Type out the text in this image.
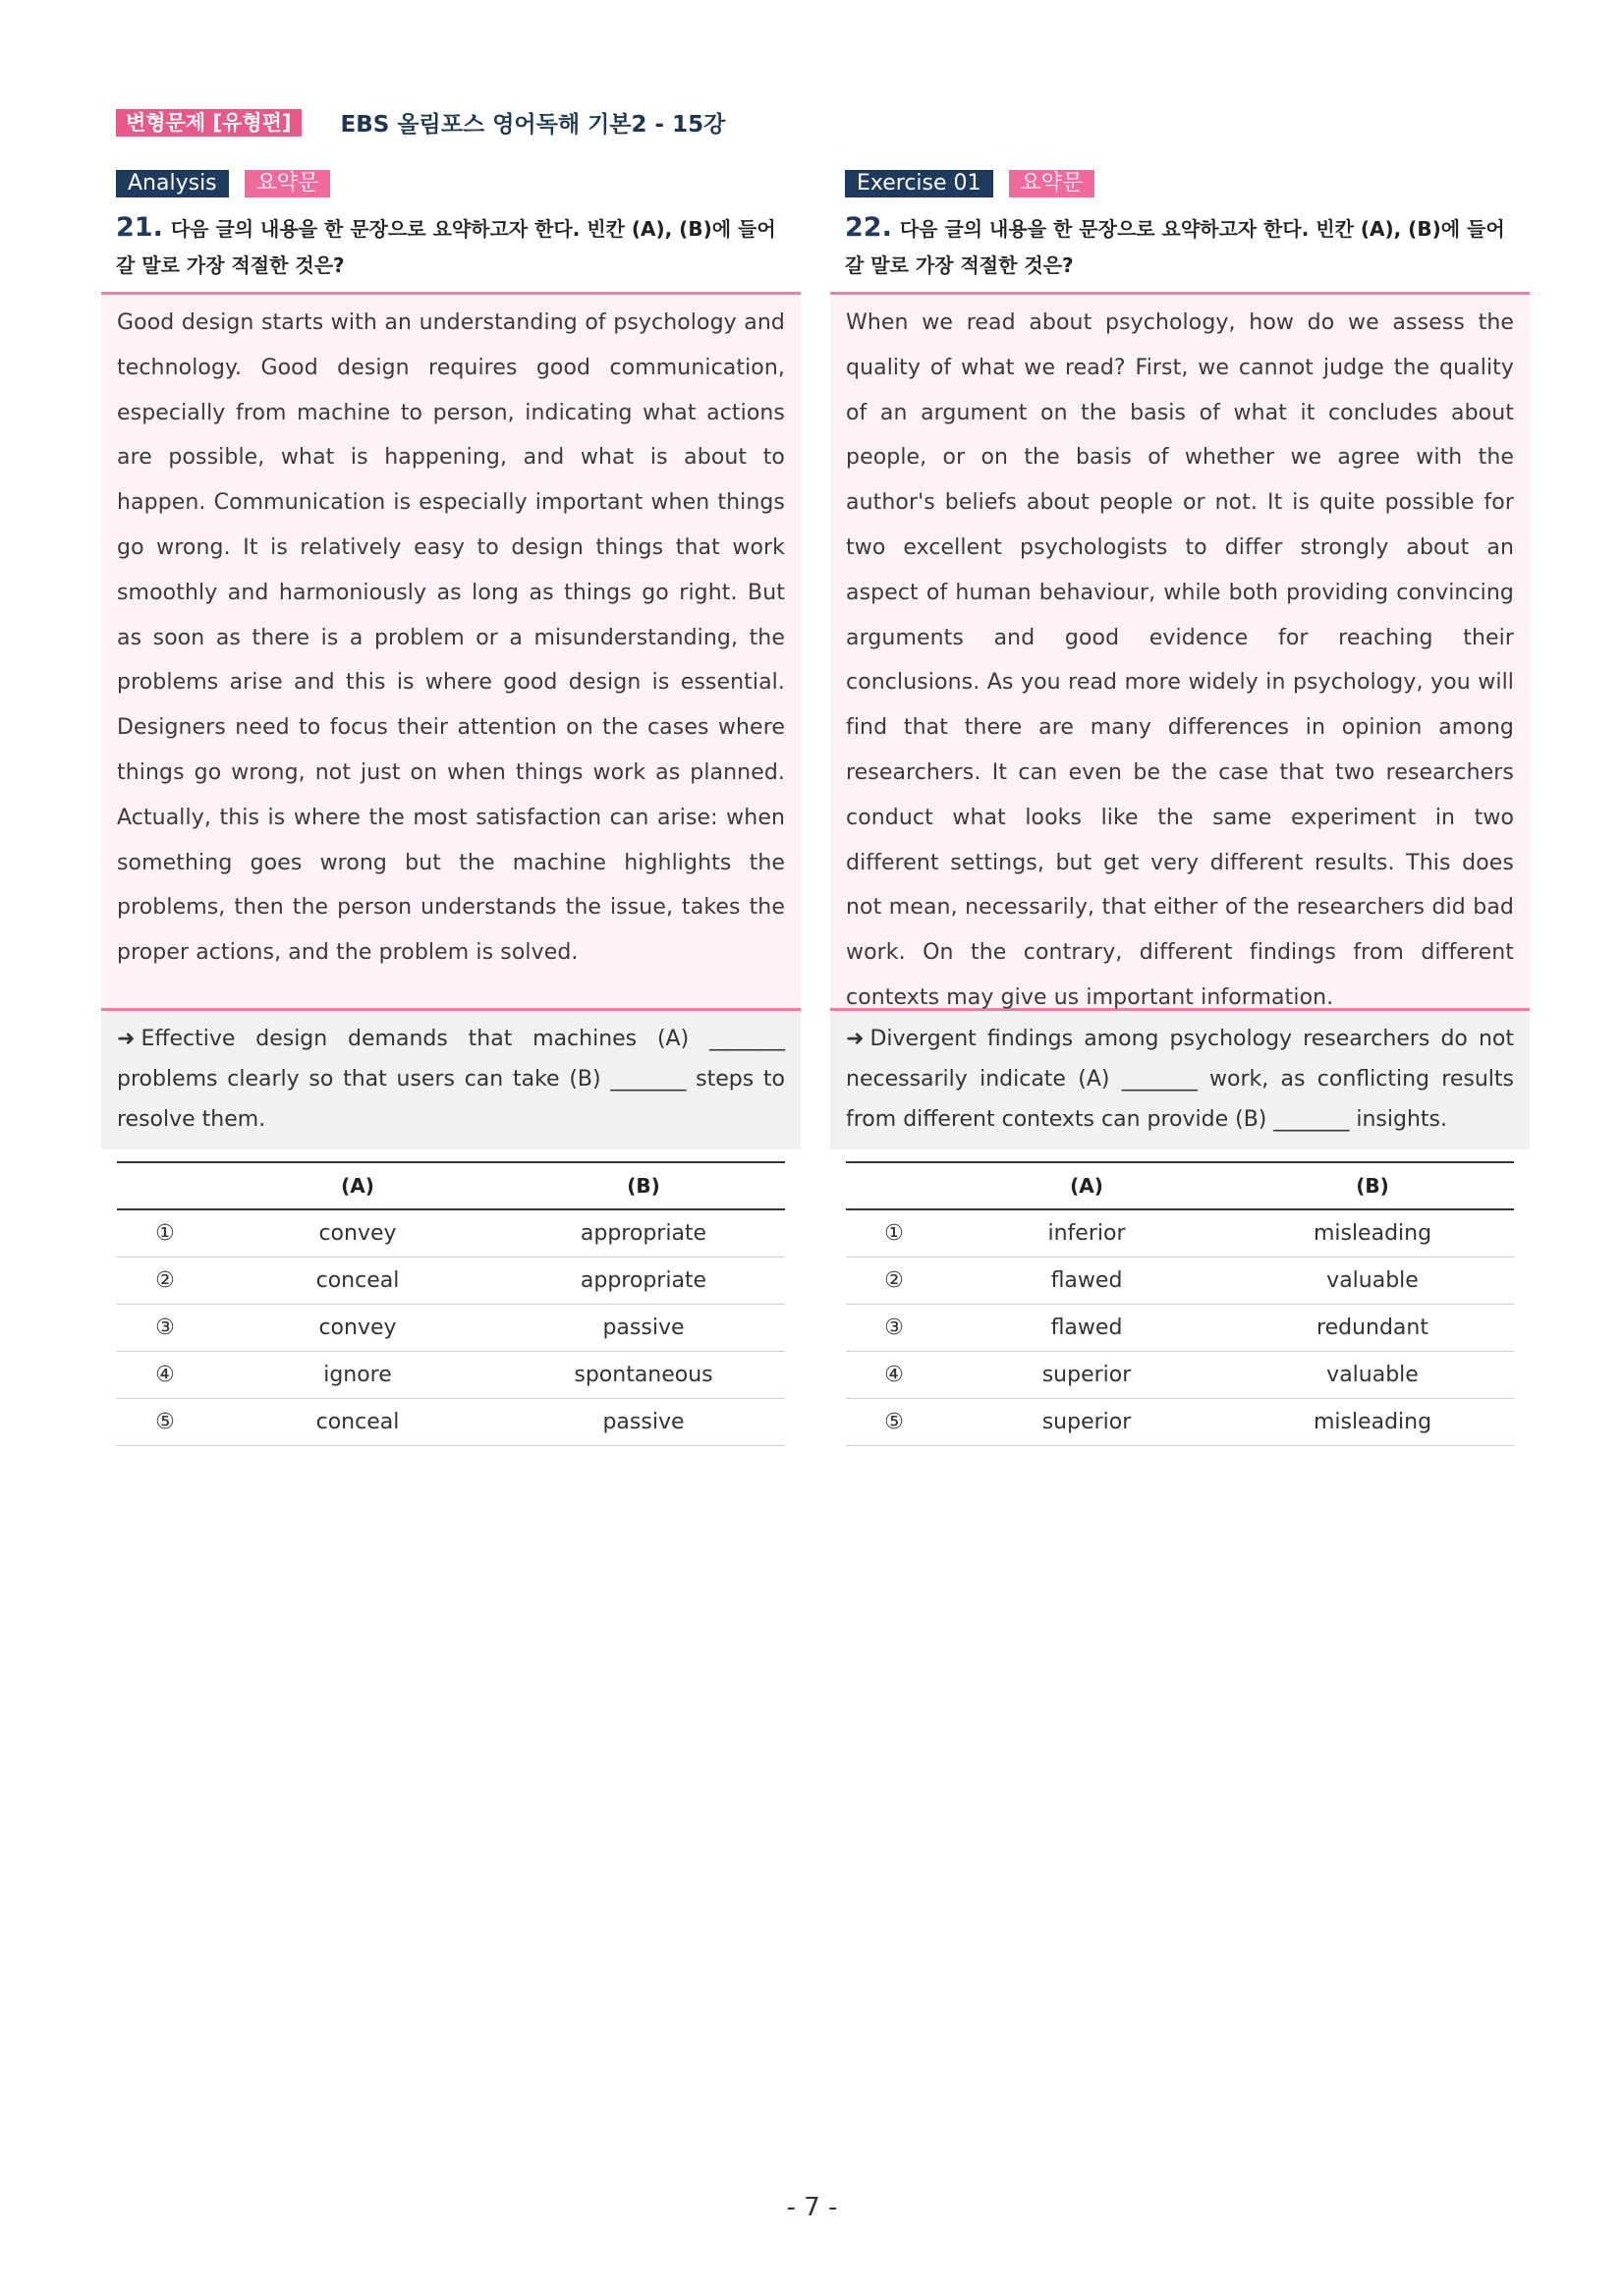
변형문제 [유형편]	EBS 올림포스 영어독해 기본2 - 15강
Analysis	요약문
21. 다음 글의 내용을 한 문장으로 요약하고자 한다. 빈칸 (A), (B)에 들어갈 말로 가장 적절한 것은?

Good design starts with an understanding of psychology and technology. Good design requires good communication, especially from machine to person, indicating what actions are possible, what is happening, and what is about to happen. Communication is especially important when things go wrong. It is relatively easy to design things that work smoothly and harmoniously as long as things go right. But as soon as there is a problem or a misunderstanding, the problems arise and this is where good design is essential. Designers need to focus their attention on the cases where things go wrong, not just on when things work as planned. Actually, this is where the most satisfaction can arise: when something goes wrong but the machine highlights the problems, then the person understands the issue, takes the proper actions, and the problem is solved.

➜ Effective design demands that machines (A) _______ problems clearly so that users can take (B) _______ steps to resolve them.

	(A)	(B)
①	convey	appropriate
②	conceal	appropriate
③	convey	passive
④	ignore	spontaneous
⑤	conceal	passive
Exercise 01	요약문
22. 다음 글의 내용을 한 문장으로 요약하고자 한다. 빈칸 (A), (B)에 들어갈 말로 가장 적절한 것은?

When we read about psychology, how do we assess the quality of what we read? First, we cannot judge the quality of an argument on the basis of what it concludes about people, or on the basis of whether we agree with the author's beliefs about people or not. It is quite possible for two excellent psychologists to differ strongly about an aspect of human behaviour, while both providing convincing arguments and good evidence for reaching their conclusions. As you read more widely in psychology, you will find that there are many differences in opinion among researchers. It can even be the case that two researchers conduct what looks like the same experiment in two different settings, but get very different results. This does not mean, necessarily, that either of the researchers did bad work. On the contrary, different findings from different contexts may give us important information.

➜ Divergent findings among psychology researchers do not necessarily indicate (A) _______ work, as conflicting results from different contexts can provide (B) _______ insights.

	(A)	(B)
①	inferior	misleading
②	flawed	valuable
③	flawed	redundant
④	superior	valuable
⑤	superior	misleading
- 7 -
